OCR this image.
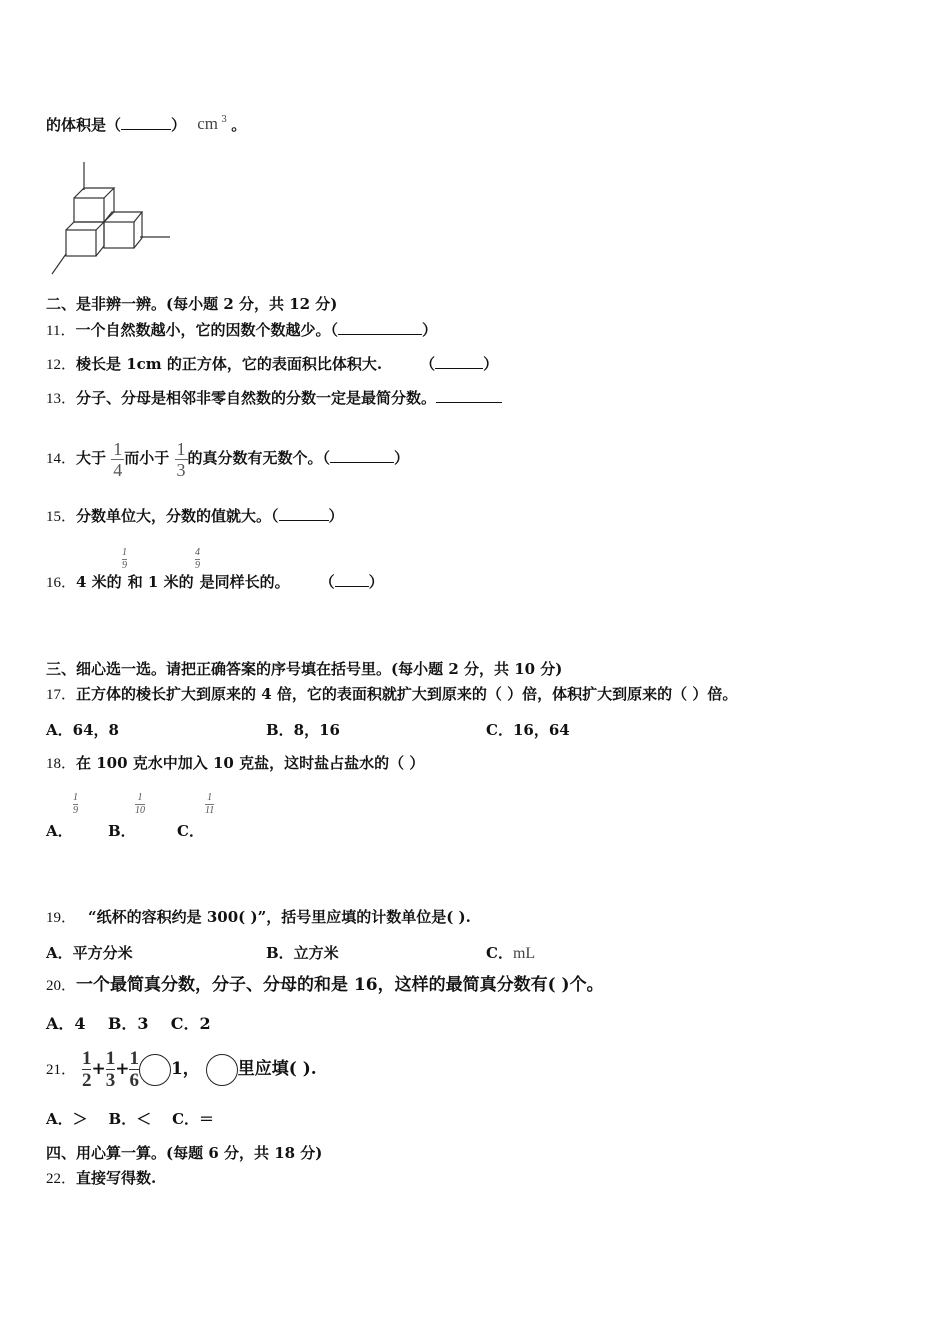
的体积是（	） cm 3 。
二、是非辨一辨。(每小题 2 分，共 12 分)
11．一个自然数越小，它的因数个数越少。（	）
12．棱长是 1cm 的正方体，它的表面积比体积大.	（	）
13．分子、分母是相邻非零自然数的分数一定是最简分数。
14．大于 $\frac{1}{4}$ 而小于 $\frac{1}{3}$ 的真分数有无数个。（	）
15．分数单位大，分数的值就大。（	）
16．4 米的 和 1 米的 是同样长的。 （ ）
1
9
4
9
三、细心选一选。请把正确答案的序号填在括号里。(每小题 2 分，共 10 分)
17．正方体的棱长扩大到原来的 4 倍，它的表面积就扩大到原来的（ ）倍，体积扩大到原来的（ ）倍。
A．64，8	B．8，16	C．16，64
18．在 100 克水中加入 10 克盐，这时盐占盐水的（ ）
A．
1
9
B．
1
10
C．
1
11
19． “纸杯的容积约是 300( )”，括号里应填的计数单位是( ).
A．平方分米	B．立方米	C．mL
20．一个最简真分数，分子、分母的和是 16，这样的最简真分数有( )个。
A．4    B．3    C．2
21． $\frac{1}{2} + \frac{1}{3} + \frac{1}{6} 1$， 里应填( ).
A．＞    B．＜    C．＝
四、用心算一算。(每题 6 分，共 18 分)
22．直接写得数.
